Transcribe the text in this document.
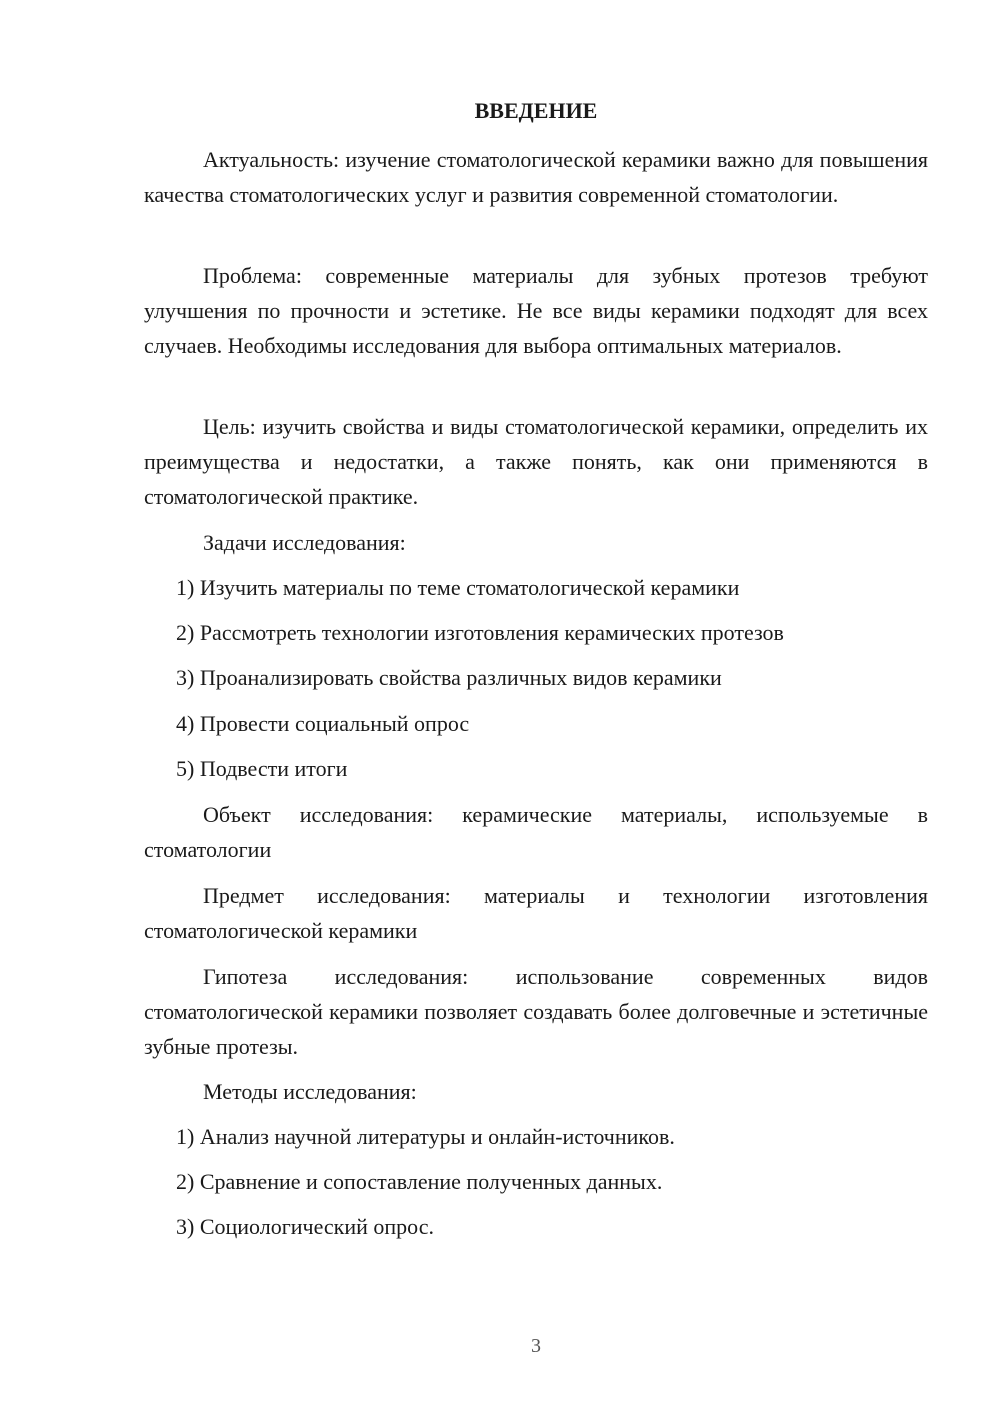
ВВЕДЕНИЕ

Актуальность: изучение стоматологической керамики важно для повышения качества стоматологических услуг и развития современной стоматологии.

Проблема: современные материалы для зубных протезов требуют улучшения по прочности и эстетике. Не все виды керамики подходят для всех случаев. Необходимы исследования для выбора оптимальных материалов.

Цель: изучить свойства и виды стоматологической керамики, определить их преимущества и недостатки, а также понять, как они применяются в стоматологической практике.

Задачи исследования:

1) Изучить материалы по теме стоматологической керамики

2) Рассмотреть технологии изготовления керамических протезов

3) Проанализировать свойства различных видов керамики

4) Провести социальный опрос

5) Подвести итоги

Объект исследования: керамические материалы, используемые в стоматологии

Предмет исследования: материалы и технологии изготовления стоматологической керамики

Гипотеза исследования: использование современных видов стоматологической керамики позволяет создавать более долговечные и эстетичные зубные протезы.

Методы исследования:

1) Анализ научной литературы и онлайн-источников.

2) Сравнение и сопоставление полученных данных.

3) Социологический опрос.

3
